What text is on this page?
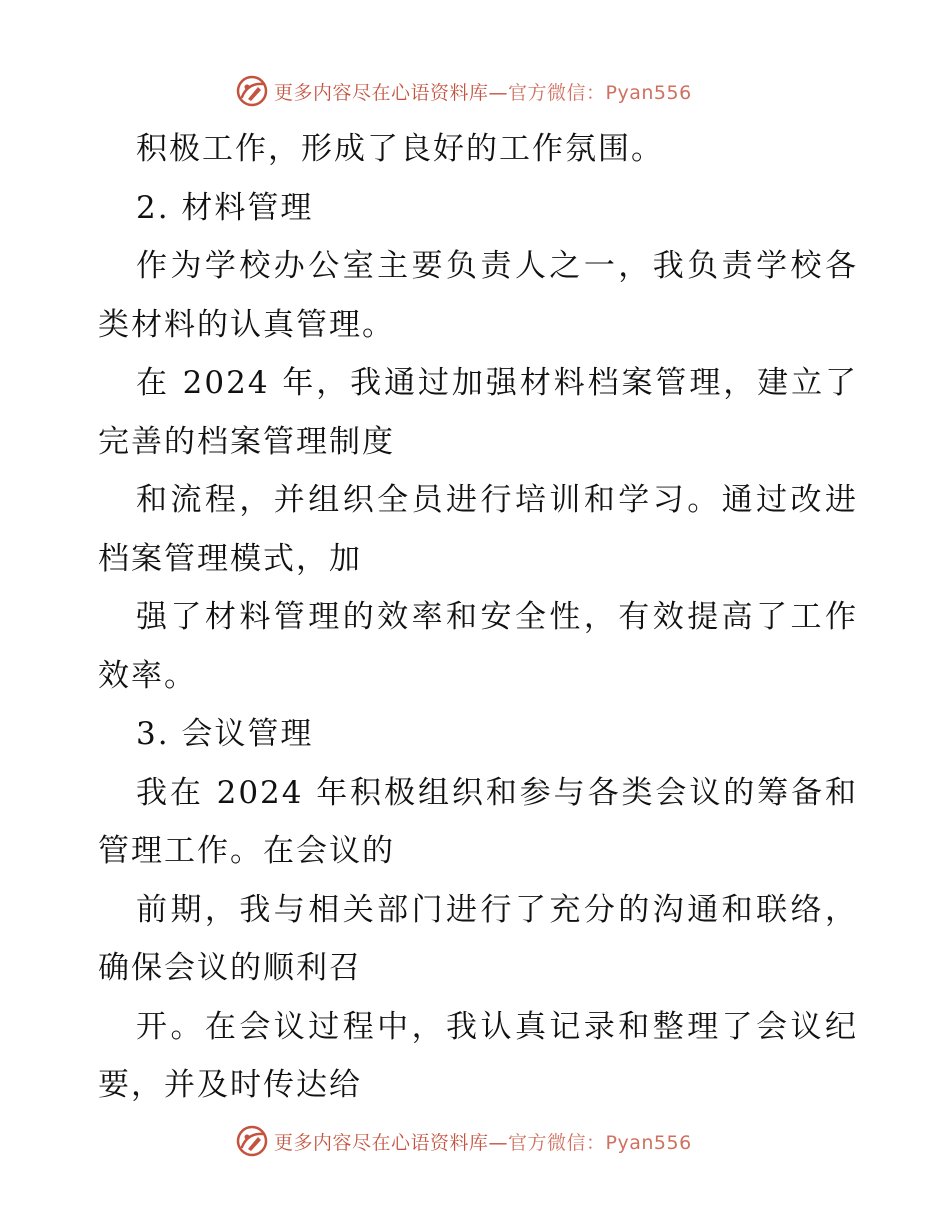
更多内容尽在心语资料库—官方微信：Pyan556

积极工作，形成了良好的工作氛围。

2. 材料管理

作为学校办公室主要负责人之一，我负责学校各类材料的认真管理。

在 2024 年，我通过加强材料档案管理，建立了完善的档案管理制度

和流程，并组织全员进行培训和学习。通过改进档案管理模式，加

强了材料管理的效率和安全性，有效提高了工作效率。

3. 会议管理

我在 2024 年积极组织和参与各类会议的筹备和管理工作。在会议的

前期，我与相关部门进行了充分的沟通和联络，确保会议的顺利召

开。在会议过程中，我认真记录和整理了会议纪要，并及时传达给

更多内容尽在心语资料库—官方微信：Pyan556
